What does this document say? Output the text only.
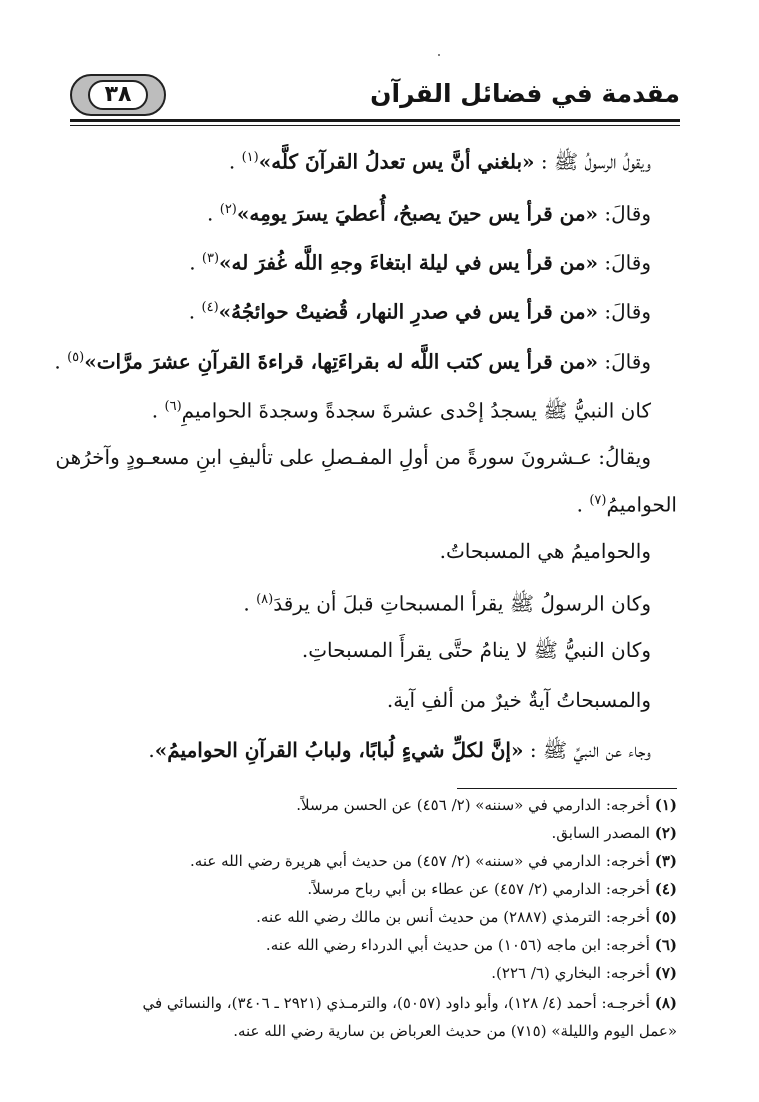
٣٨	مقدمة في فضائل القرآن
ويقولُ الرسولُ ﷺ : «بلغني أنَّ يس تعدلُ القرآنَ كلَّه»$^{(١)}$ .
وقالَ: «من قرأ يس حينَ يصبحُ، أُعطيَ يسرَ يومِه»$^{(٢)}$ .
وقالَ: «من قرأ يس في ليلة ابتغاءَ وجهِ اللَّه غُفرَ له»$^{(٣)}$ .
وقالَ: «من قرأ يس في صدرِ النهار، قُضيتْ حوائجُهُ»$^{(٤)}$ .
وقالَ: «من قرأ يس كتب اللَّه له بقراءَتِها، قراءةَ القرآنِ عشرَ مرَّات»$^{(٥)}$ .
كان النبيُّ ﷺ يسجدُ إحْدى عشرةَ سجدةً وسجدةَ الحواميمِ$^{(٦)}$ .
ويقالُ: عـشرونَ سورةً من أولِ المفـصلِ على تأليفِ ابنِ مسعـودٍ وآخرُهن
الحواميمُ$^{(٧)}$ .
والحواميمُ هي المسبحاتُ.
وكان الرسولُ ﷺ يقرأ المسبحاتِ قبلَ أن يرقدَ$^{(٨)}$ .
وكان النبيُّ ﷺ لا ينامُ حتَّى يقرأَ المسبحاتِ.
والمسبحاتُ آيةٌ خيرٌ من ألفِ آية.
وجاء عن النبيِّ ﷺ : «إنَّ لكلِّ شيءٍ لُبابًا، ولبابُ القرآنِ الحواميمُ».
(١) أخرجه: الدارمي في «سننه» (٢/ ٤٥٦) عن الحسن مرسلاً.
(٢) المصدر السابق.
(٣) أخرجه: الدارمي في «سننه» (٢/ ٤٥٧) من حديث أبي هريرة رضي الله عنه.
(٤) أخرجه: الدارمي (٢/ ٤٥٧) عن عطاء بن أبي رباح مرسلاً.
(٥) أخرجه: الترمذي (٢٨٨٧) من حديث أنس بن مالك رضي الله عنه.
(٦) أخرجه: ابن ماجه (١٠٥٦) من حديث أبي الدرداء رضي الله عنه.
(٧) أخرجه: البخاري (٦/ ٢٢٦).
(٨) أخرجـه: أحمد (٤/ ١٢٨)، وأبو داود (٥٠٥٧)، والترمـذي (٢٩٢١ ـ ٣٤٠٦)، والنسائي في
«عمل اليوم والليلة» (٧١٥) من حديث العرباض بن سارية رضي الله عنه.
